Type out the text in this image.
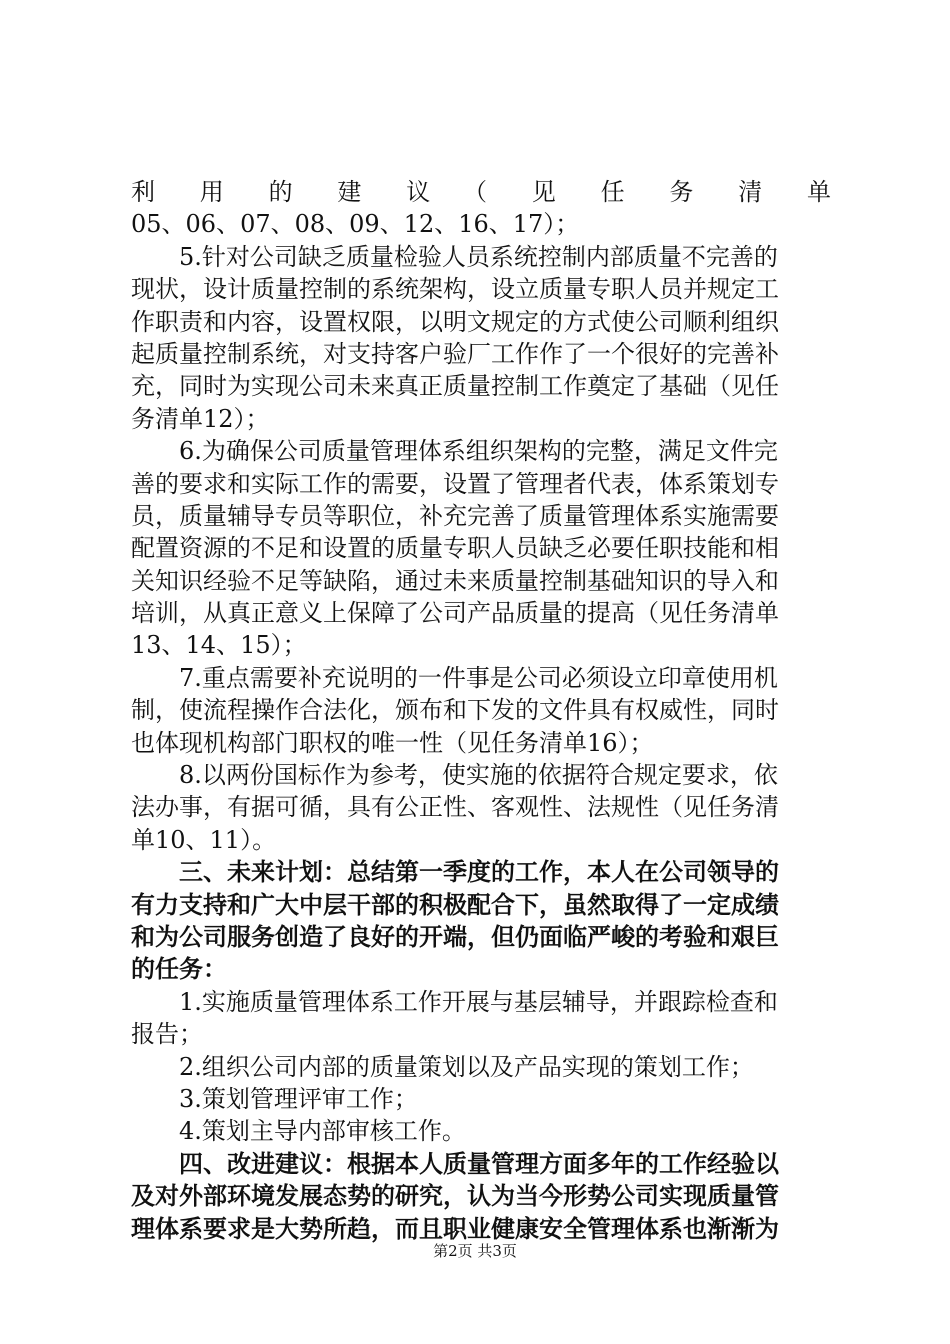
利　用　的　建　议　（　见　任　务　清　单
05、06、07、08、09、12、16、17）；
5.针对公司缺乏质量检验人员系统控制内部质量不完善的
现状，设计质量控制的系统架构，设立质量专职人员并规定工
作职责和内容，设置权限，以明文规定的方式使公司顺利组织
起质量控制系统，对支持客户验厂工作作了一个很好的完善补
充，同时为实现公司未来真正质量控制工作奠定了基础（见任
务清单12）；
6.为确保公司质量管理体系组织架构的完整，满足文件完
善的要求和实际工作的需要，设置了管理者代表，体系策划专
员，质量辅导专员等职位，补充完善了质量管理体系实施需要
配置资源的不足和设置的质量专职人员缺乏必要任职技能和相
关知识经验不足等缺陷，通过未来质量控制基础知识的导入和
培训，从真正意义上保障了公司产品质量的提高（见任务清单
13、14、15）；
7.重点需要补充说明的一件事是公司必须设立印章使用机
制，使流程操作合法化，颁布和下发的文件具有权威性，同时
也体现机构部门职权的唯一性（见任务清单16）；
8.以两份国标作为参考，使实施的依据符合规定要求，依
法办事，有据可循，具有公正性、客观性、法规性（见任务清
单10、11）。
三、未来计划：总结第一季度的工作，本人在公司领导的
有力支持和广大中层干部的积极配合下，虽然取得了一定成绩
和为公司服务创造了良好的开端，但仍面临严峻的考验和艰巨
的任务：
1.实施质量管理体系工作开展与基层辅导，并跟踪检查和
报告；
2.组织公司内部的质量策划以及产品实现的策划工作；
3.策划管理评审工作；
4.策划主导内部审核工作。
四、改进建议：根据本人质量管理方面多年的工作经验以
及对外部环境发展态势的研究，认为当今形势公司实现质量管
理体系要求是大势所趋，而且职业健康安全管理体系也渐渐为
第2页 共3页
